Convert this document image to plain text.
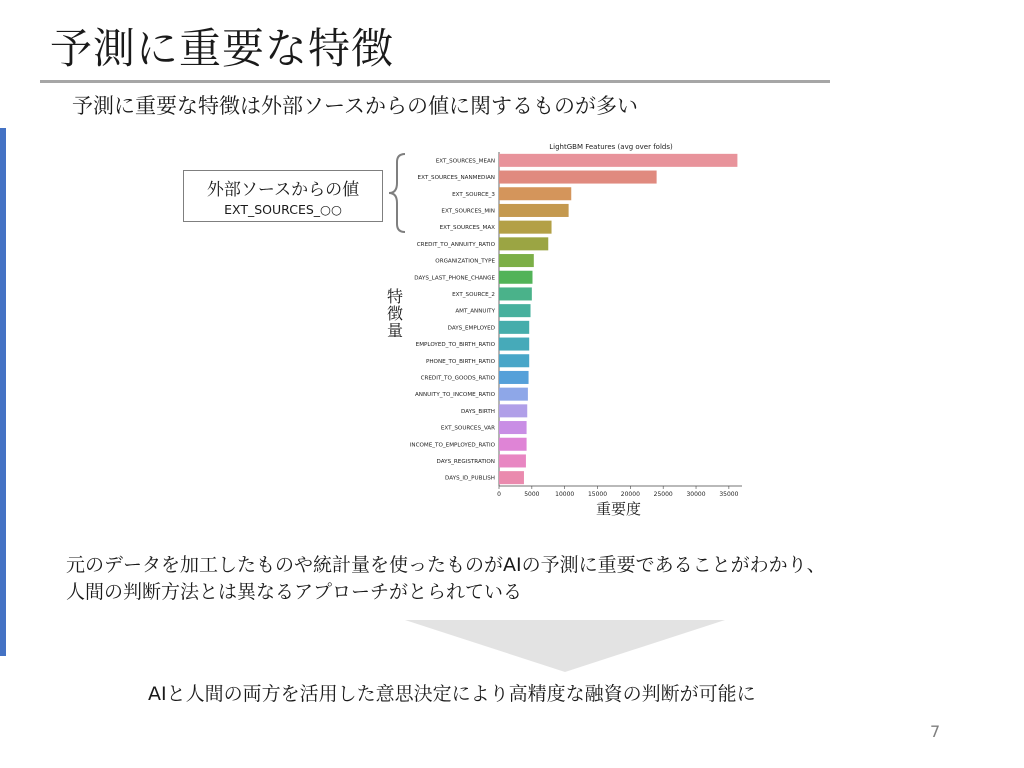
予測に重要な特徴
予測に重要な特徴は外部ソースからの値に関するものが多い
外部ソースからの値
EXT_SOURCES_○○
特徴量
LightGBM Features (avg over folds)
EXT_SOURCES_MEAN
EXT_SOURCES_NANMEDIAN
EXT_SOURCE_3
EXT_SOURCES_MIN
EXT_SOURCES_MAX
CREDIT_TO_ANNUITY_RATIO
ORGANIZATION_TYPE
DAYS_LAST_PHONE_CHANGE
EXT_SOURCE_2
AMT_ANNUITY
DAYS_EMPLOYED
EMPLOYED_TO_BIRTH_RATIO
PHONE_TO_BIRTH_RATIO
CREDIT_TO_GOODS_RATIO
ANNUITY_TO_INCOME_RATIO
DAYS_BIRTH
EXT_SOURCES_VAR
INCOME_TO_EMPLOYED_RATIO
DAYS_REGISTRATION
DAYS_ID_PUBLISH
0	5000	10000 15000 20000 25000 30000 35000
重要度
元のデータを加工したものや統計量を使ったものがAIの予測に重要であることがわかり、
人間の判断方法とは異なるアプローチがとられている
AIと人間の両方を活用した意思決定により高精度な融資の判断が可能に
7
